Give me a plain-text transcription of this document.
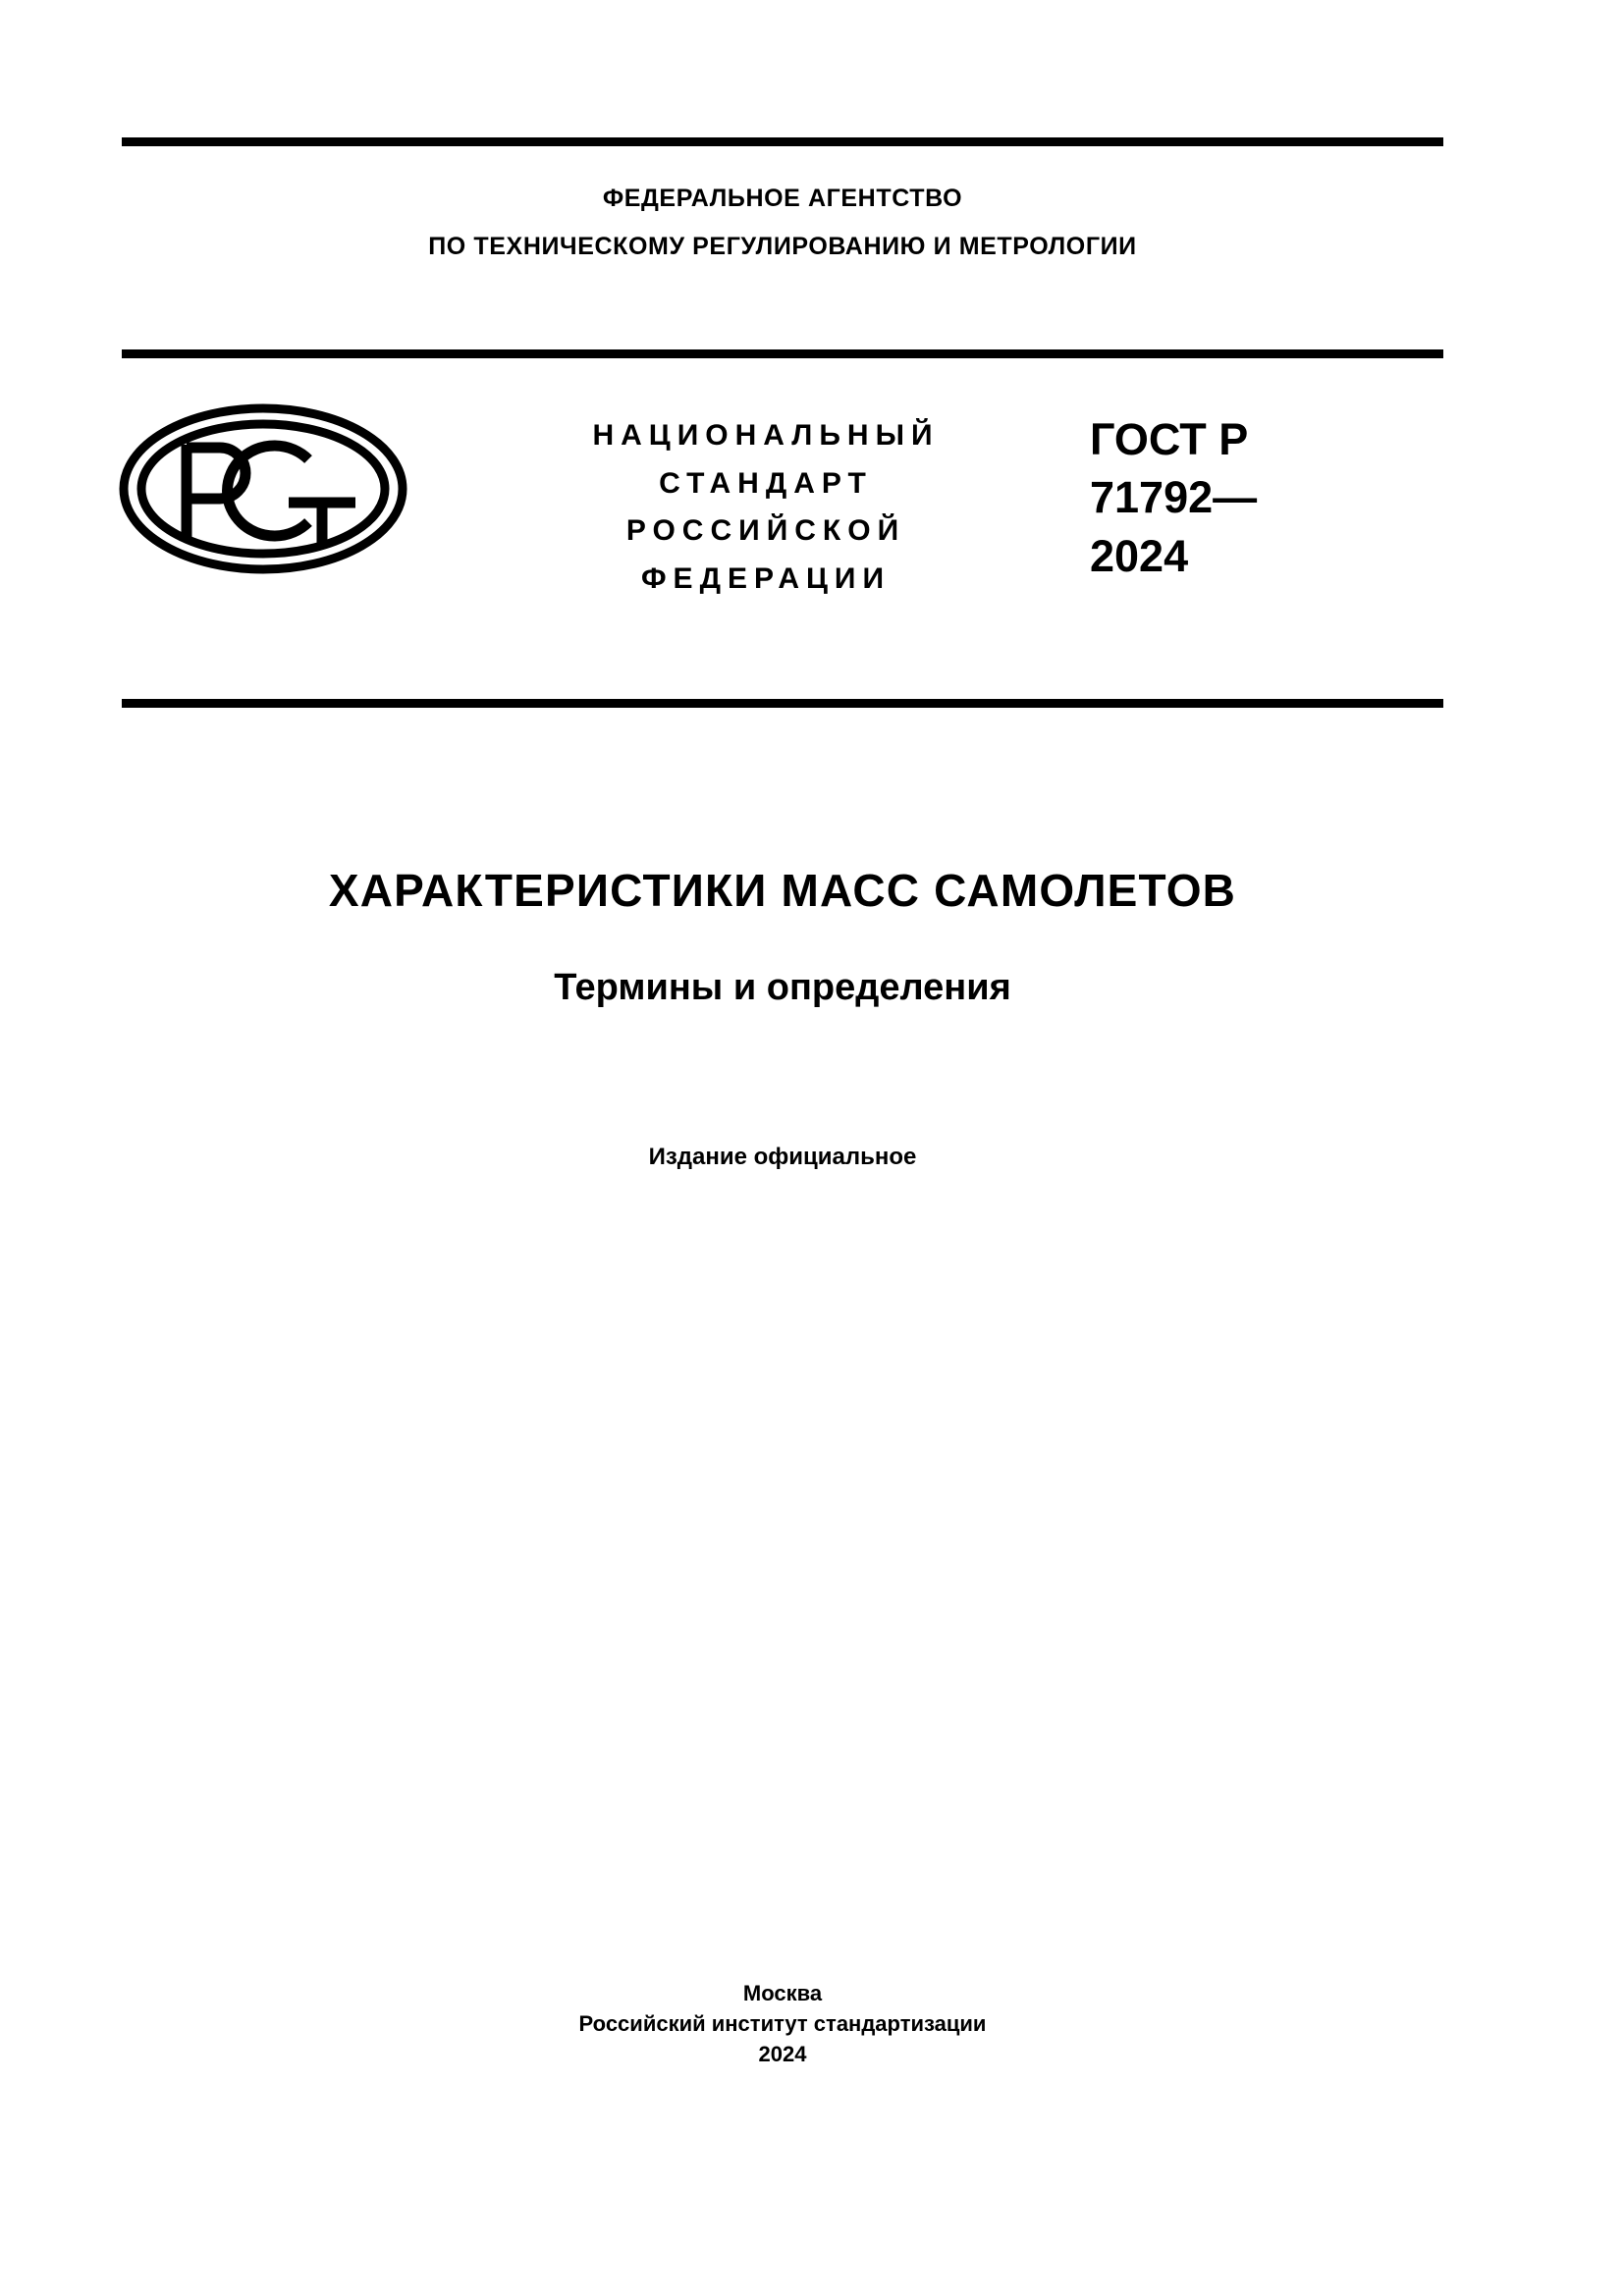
ФЕДЕРАЛЬНОЕ АГЕНТСТВО
ПО ТЕХНИЧЕСКОМУ РЕГУЛИРОВАНИЮ И МЕТРОЛОГИИ
НАЦИОНАЛЬНЫЙ
СТАНДАРТ
РОССИЙСКОЙ
ФЕДЕРАЦИИ
ГОСТ Р
71792—
2024
ХАРАКТЕРИСТИКИ МАСС САМОЛЕТОВ
Термины и определения
Издание официальное
Москва
Российский институт стандартизации
2024
